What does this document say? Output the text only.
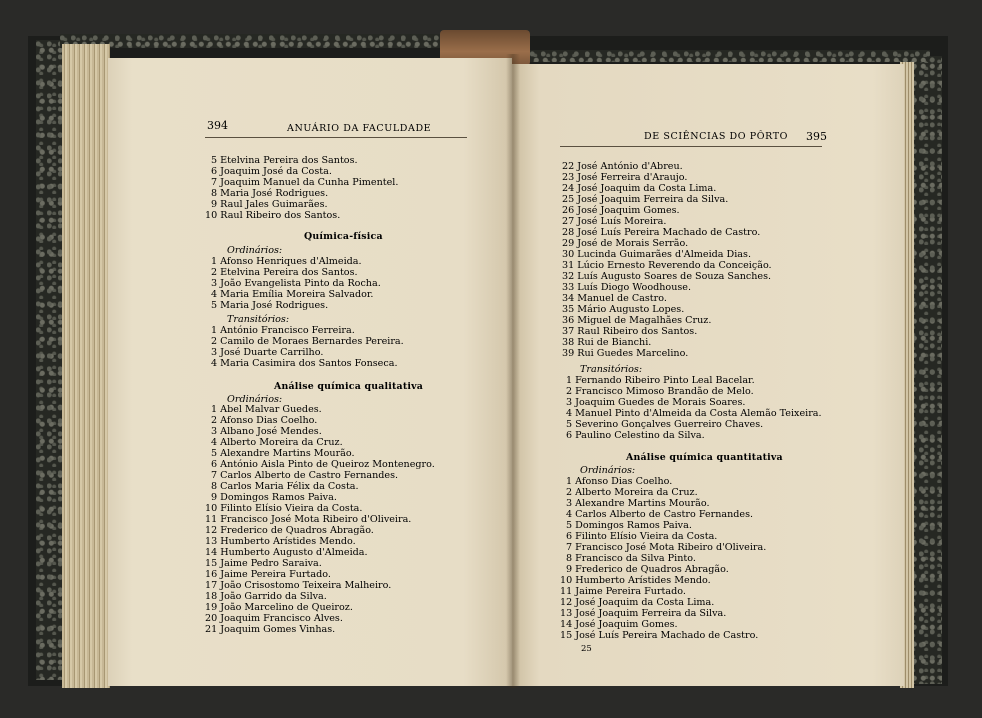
394	ANUÁRIO DA FACULDADE
5 Etelvina Pereira dos Santos.
6 Joaquim José da Costa.
7 Joaquim Manuel da Cunha Pimentel.
8 Maria José Rodrigues.
9 Raul Jales Guimarães.
10 Raul Ribeiro dos Santos.
Química-física
Ordinários:
1 Afonso Henriques d'Almeida.
2 Etelvina Pereira dos Santos.
3 João Evangelista Pinto da Rocha.
4 Maria Emília Moreira Salvador.
5 Maria José Rodrigues.
Transitórios:
1 António Francisco Ferreira.
2 Camilo de Moraes Bernardes Pereira.
3 José Duarte Carrilho.
4 Maria Casimira dos Santos Fonseca.
Análise química qualitativa
Ordinários:
1 Abel Malvar Guedes.
2 Afonso Dias Coelho.
3 Albano José Mendes.
4 Alberto Moreira da Cruz.
5 Alexandre Martins Mourão.
6 António Aisla Pinto de Queiroz Montenegro.
7 Carlos Alberto de Castro Fernandes.
8 Carlos Maria Félix da Costa.
9 Domingos Ramos Paiva.
10 Filinto Elísio Vieira da Costa.
11 Francisco José Mota Ribeiro d'Oliveira.
12 Frederico de Quadros Abragão.
13 Humberto Arístides Mendo.
14 Humberto Augusto d'Almeida.
15 Jaime Pedro Saraiva.
16 Jaime Pereira Furtado.
17 João Crisostomo Teixeira Malheiro.
18 João Garrido da Silva.
19 João Marcelino de Queiroz.
20 Joaquim Francisco Alves.
21 Joaquim Gomes Vinhas.
DE SCIÊNCIAS DO PÔRTO 395
22 José António d'Abreu.
23 José Ferreira d'Araujo.
24 José Joaquim da Costa Lima.
25 José Joaquim Ferreira da Silva.
26 José Joaquim Gomes.
27 José Luís Moreira.
28 José Luís Pereira Machado de Castro.
29 José de Morais Serrão.
30 Lucinda Guimarães d'Almeida Dias.
31 Lúcio Ernesto Reverendo da Conceição.
32 Luís Augusto Soares de Souza Sanches.
33 Luís Diogo Woodhouse.
34 Manuel de Castro.
35 Mário Augusto Lopes.
36 Miguel de Magalhães Cruz.
37 Raul Ribeiro dos Santos.
38 Rui de Bianchi.
39 Rui Guedes Marcelino.
Transitórios:
1 Fernando Ribeiro Pinto Leal Bacelar.
2 Francisco Mimoso Brandão de Melo.
3 Joaquim Guedes de Morais Soares.
4 Manuel Pinto d'Almeida da Costa Alemão Teixeira.
5 Severino Gonçalves Guerreiro Chaves.
6 Paulino Celestino da Silva.
Análise química quantitativa
Ordinários:
1 Afonso Dias Coelho.
2 Alberto Moreira da Cruz.
3 Alexandre Martins Mourão.
4 Carlos Alberto de Castro Fernandes.
5 Domingos Ramos Paiva.
6 Filinto Elísio Vieira da Costa.
7 Francisco José Mota Ribeiro d'Oliveira.
8 Francisco da Silva Pinto.
9 Frederico de Quadros Abragão.
10 Humberto Arístides Mendo.
11 Jaime Pereira Furtado.
12 José Joaquim da Costa Lima.
13 José Joaquim Ferreira da Silva.
14 José Joaquim Gomes.
15 José Luís Pereira Machado de Castro.
25
